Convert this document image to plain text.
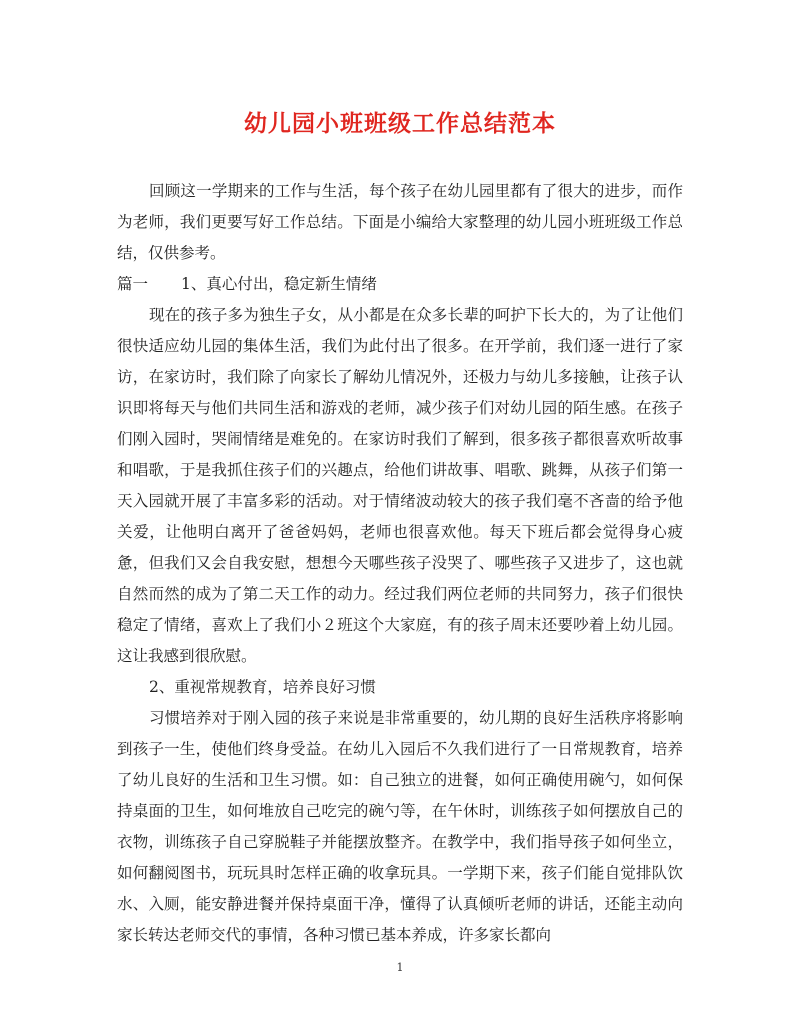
幼儿园小班班级工作总结范本

回顾这一学期来的工作与生活，每个孩子在幼儿园里都有了很大的进步，而作为老师，我们更要写好工作总结。下面是小编给大家整理的幼儿园小班班级工作总结，仅供参考。

篇一 1、真心付出，稳定新生情绪

现在的孩子多为独生子女，从小都是在众多长辈的呵护下长大的，为了让他们很快适应幼儿园的集体生活，我们为此付出了很多。在开学前，我们逐一进行了家访，在家访时，我们除了向家长了解幼儿情况外，还极力与幼儿多接触，让孩子认识即将每天与他们共同生活和游戏的老师，减少孩子们对幼儿园的陌生感。在孩子们刚入园时，哭闹情绪是难免的。在家访时我们了解到，很多孩子都很喜欢听故事和唱歌，于是我抓住孩子们的兴趣点，给他们讲故事、唱歌、跳舞，从孩子们第一天入园就开展了丰富多彩的活动。对于情绪波动较大的孩子我们毫不吝啬的给予他关爱，让他明白离开了爸爸妈妈，老师也很喜欢他。每天下班后都会觉得身心疲惫，但我们又会自我安慰，想想今天哪些孩子没哭了、哪些孩子又进步了，这也就自然而然的成为了第二天工作的动力。经过我们两位老师的共同努力，孩子们很快稳定了情绪，喜欢上了我们小２班这个大家庭，有的孩子周末还要吵着上幼儿园。这让我感到很欣慰。

2、重视常规教育，培养良好习惯

习惯培养对于刚入园的孩子来说是非常重要的，幼儿期的良好生活秩序将影响到孩子一生，使他们终身受益。在幼儿入园后不久我们进行了一日常规教育，培养了幼儿良好的生活和卫生习惯。如：自己独立的进餐，如何正确使用碗勺，如何保持桌面的卫生，如何堆放自己吃完的碗勺等，在午休时，训练孩子如何摆放自己的衣物，训练孩子自己穿脱鞋子并能摆放整齐。在教学中，我们指导孩子如何坐立，如何翻阅图书，玩玩具时怎样正确的收拿玩具。一学期下来，孩子们能自觉排队饮水、入厕，能安静进餐并保持桌面干净，懂得了认真倾听老师的讲话，还能主动向家长转达老师交代的事情，各种习惯已基本养成，许多家长都向

1
